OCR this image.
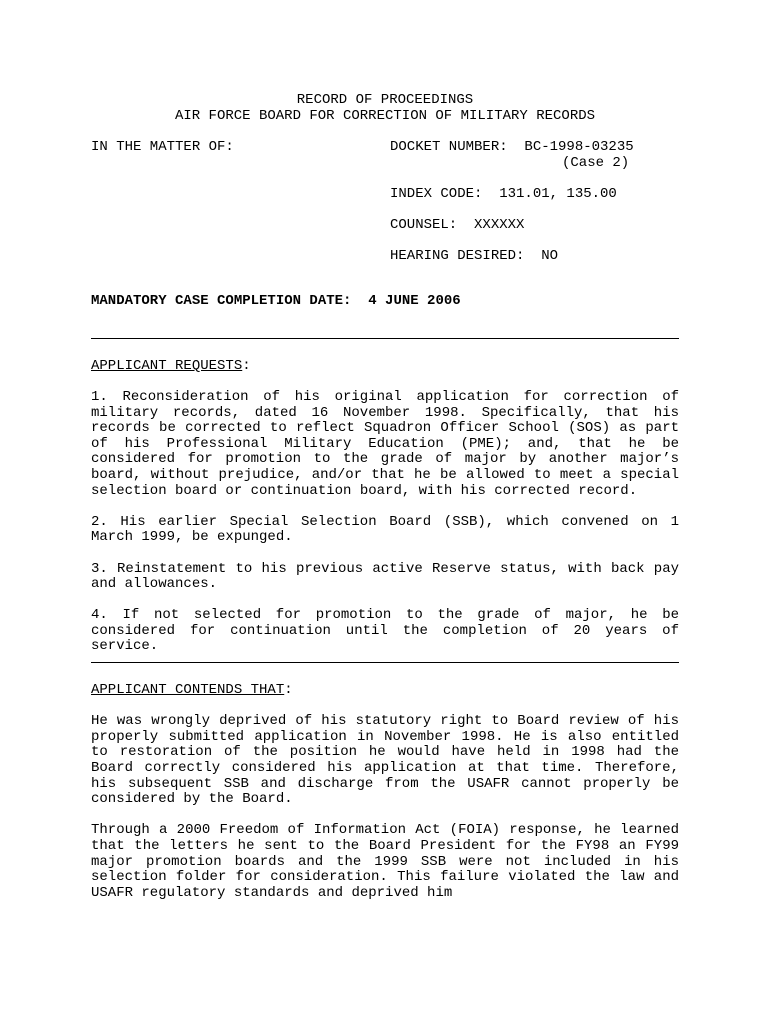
RECORD OF PROCEEDINGS
AIR FORCE BOARD FOR CORRECTION OF MILITARY RECORDS
IN THE MATTER OF:	DOCKET NUMBER:  BC-1998-03235
(Case 2)
INDEX CODE:  131.01, 135.00
COUNSEL:  XXXXXX
HEARING DESIRED:  NO
MANDATORY CASE COMPLETION DATE:  4 JUNE 2006
APPLICANT REQUESTS:

1. Reconsideration of his original application for correction of military records, dated 16 November 1998. Specifically, that his records be corrected to reflect Squadron Officer School (SOS) as part of his Professional Military Education (PME); and, that he be considered for promotion to the grade of major by another major’s board, without prejudice, and/or that he be allowed to meet a special selection board or continuation board, with his corrected record.

2. His earlier Special Selection Board (SSB), which convened on 1 March 1999, be expunged.

3. Reinstatement to his previous active Reserve status, with back pay and allowances.

4. If not selected for promotion to the grade of major, he be considered for continuation until the completion of 20 years of service.

APPLICANT CONTENDS THAT:

He was wrongly deprived of his statutory right to Board review of his properly submitted application in November 1998. He is also entitled to restoration of the position he would have held in 1998 had the Board correctly considered his application at that time. Therefore, his subsequent SSB and discharge from the USAFR cannot properly be considered by the Board.

Through a 2000 Freedom of Information Act (FOIA) response, he learned that the letters he sent to the Board President for the FY98 an FY99 major promotion boards and the 1999 SSB were not included in his selection folder for consideration. This failure violated the law and USAFR regulatory standards and deprived him
